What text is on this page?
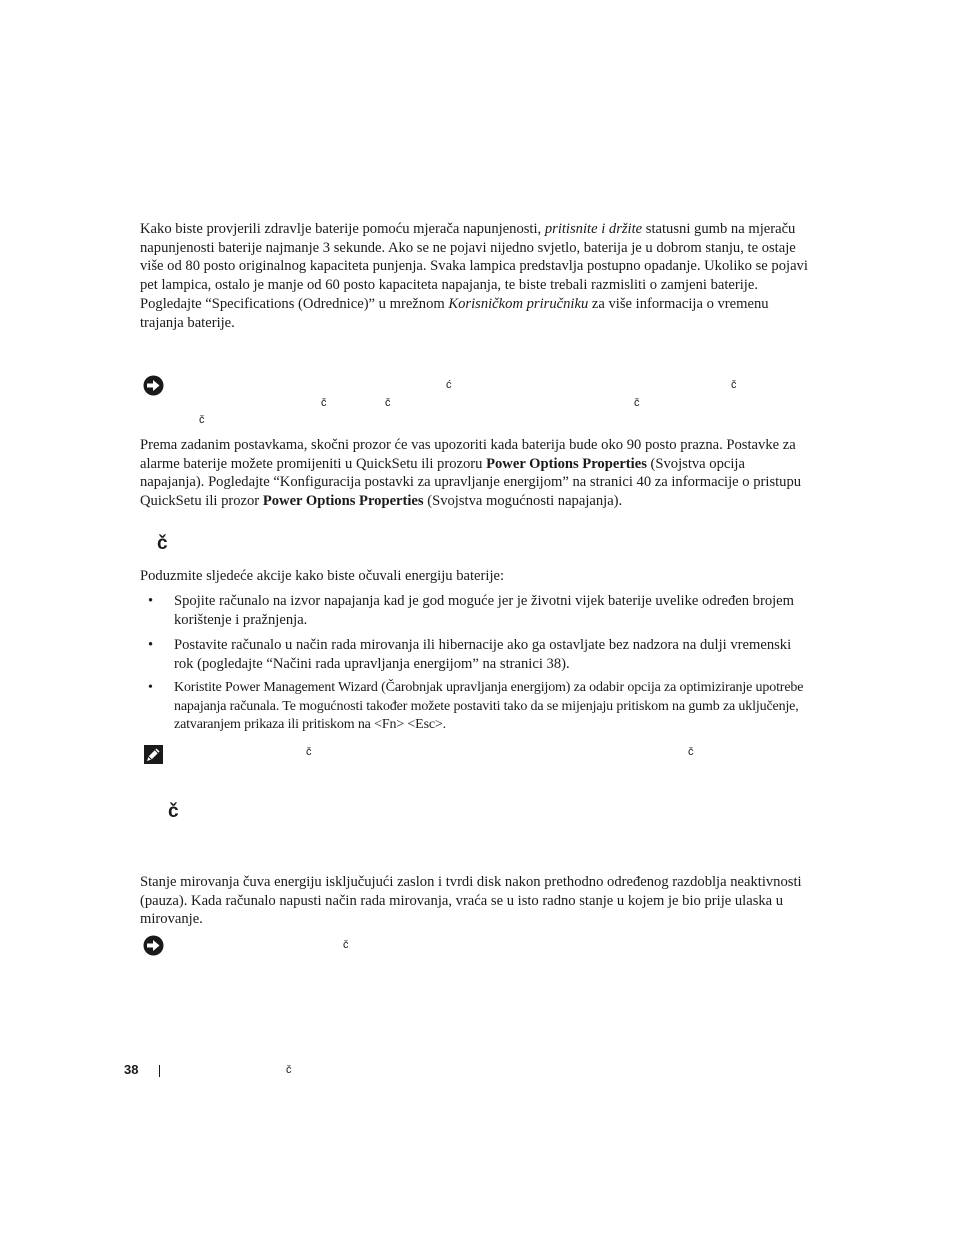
Kako biste provjerili zdravlje baterije pomoću mjerača napunjenosti, pritisnite i držite statusni gumb na mjeraču napunjenosti baterije najmanje 3 sekunde. Ako se ne pojavi nijedno svjetlo, baterija je u dobrom stanju, te ostaje više od 80 posto originalnog kapaciteta punjenja. Svaka lampica predstavlja postupno opadanje. Ukoliko se pojavi pet lampica, ostalo je manje od 60 posto kapaciteta napajanja, te biste trebali razmisliti o zamjeni baterije. Pogledajte “Specifications (Odrednice)” u mrežnom Korisničkom priručniku za više informacija o vremenu trajanja baterije.

ć	č
č	č	č
č

Prema zadanim postavkama, skočni prozor će vas upozoriti kada baterija bude oko 90 posto prazna. Postavke za alarme baterije možete promijeniti u QuickSetu ili prozoru Power Options Properties (Svojstva opcija napajanja). Pogledajte “Konfiguracija postavki za upravljanje energijom” na stranici 40 za informacije o pristupu QuickSetu ili prozor Power Options Properties (Svojstva mogućnosti napajanja).

č

Poduzmite sljedeće akcije kako biste očuvali energiju baterije:

• Spojite računalo na izvor napajanja kad je god moguće jer je životni vijek baterije uvelike određen brojem korištenje i pražnjenja.
• Postavite računalo u način rada mirovanja ili hibernacije ako ga ostavljate bez nadzora na dulji vremenski rok (pogledajte “Načini rada upravljanja energijom” na stranici 38).
• Koristite Power Management Wizard (Čarobnjak upravljanja energijom) za odabir opcija za optimiziranje upotrebe napajanja računala. Te mogućnosti također možete postaviti tako da se mijenjaju pritiskom na gumb za uključenje, zatvaranjem prikaza ili pritiskom na <Fn> <Esc>.
č	č
č

Stanje mirovanja čuva energiju isključujući zaslon i tvrdi disk nakon prethodno određenog razdoblja neaktivnosti (pauza). Kada računalo napusti način rada mirovanja, vraća se u isto radno stanje u kojem je bio prije ulaska u mirovanje.

č
38	č
